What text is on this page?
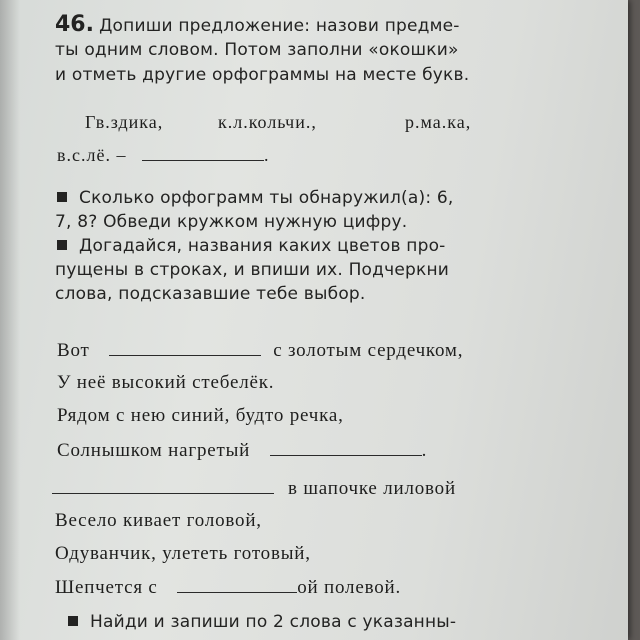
46. Допиши предложение: назови предме-
ты одним словом. Потом заполни «окошки»
и отметь другие орфограммы на месте букв.
Гв.здика,	к.л.кольчи.,	р.ма.ка,
в.с.лё. –	.
Сколько орфограмм ты обнаружил(а): 6,
7, 8? Обведи кружком нужную цифру.
Догадайся, названия каких цветов про-
пущены в строках, и впиши их. Подчеркни
слова, подсказавшие тебе выбор.
Вот	с золотым сердечком,
У неё высокий стебелёк.
Рядом с нею синий, будто речка,
Солнышком нагретый	.
в шапочке лиловой
Весело кивает головой,
Одуванчик, улететь готовый,
Шепчется с	ой полевой.
Найди и запиши по 2 слова с указанны-
